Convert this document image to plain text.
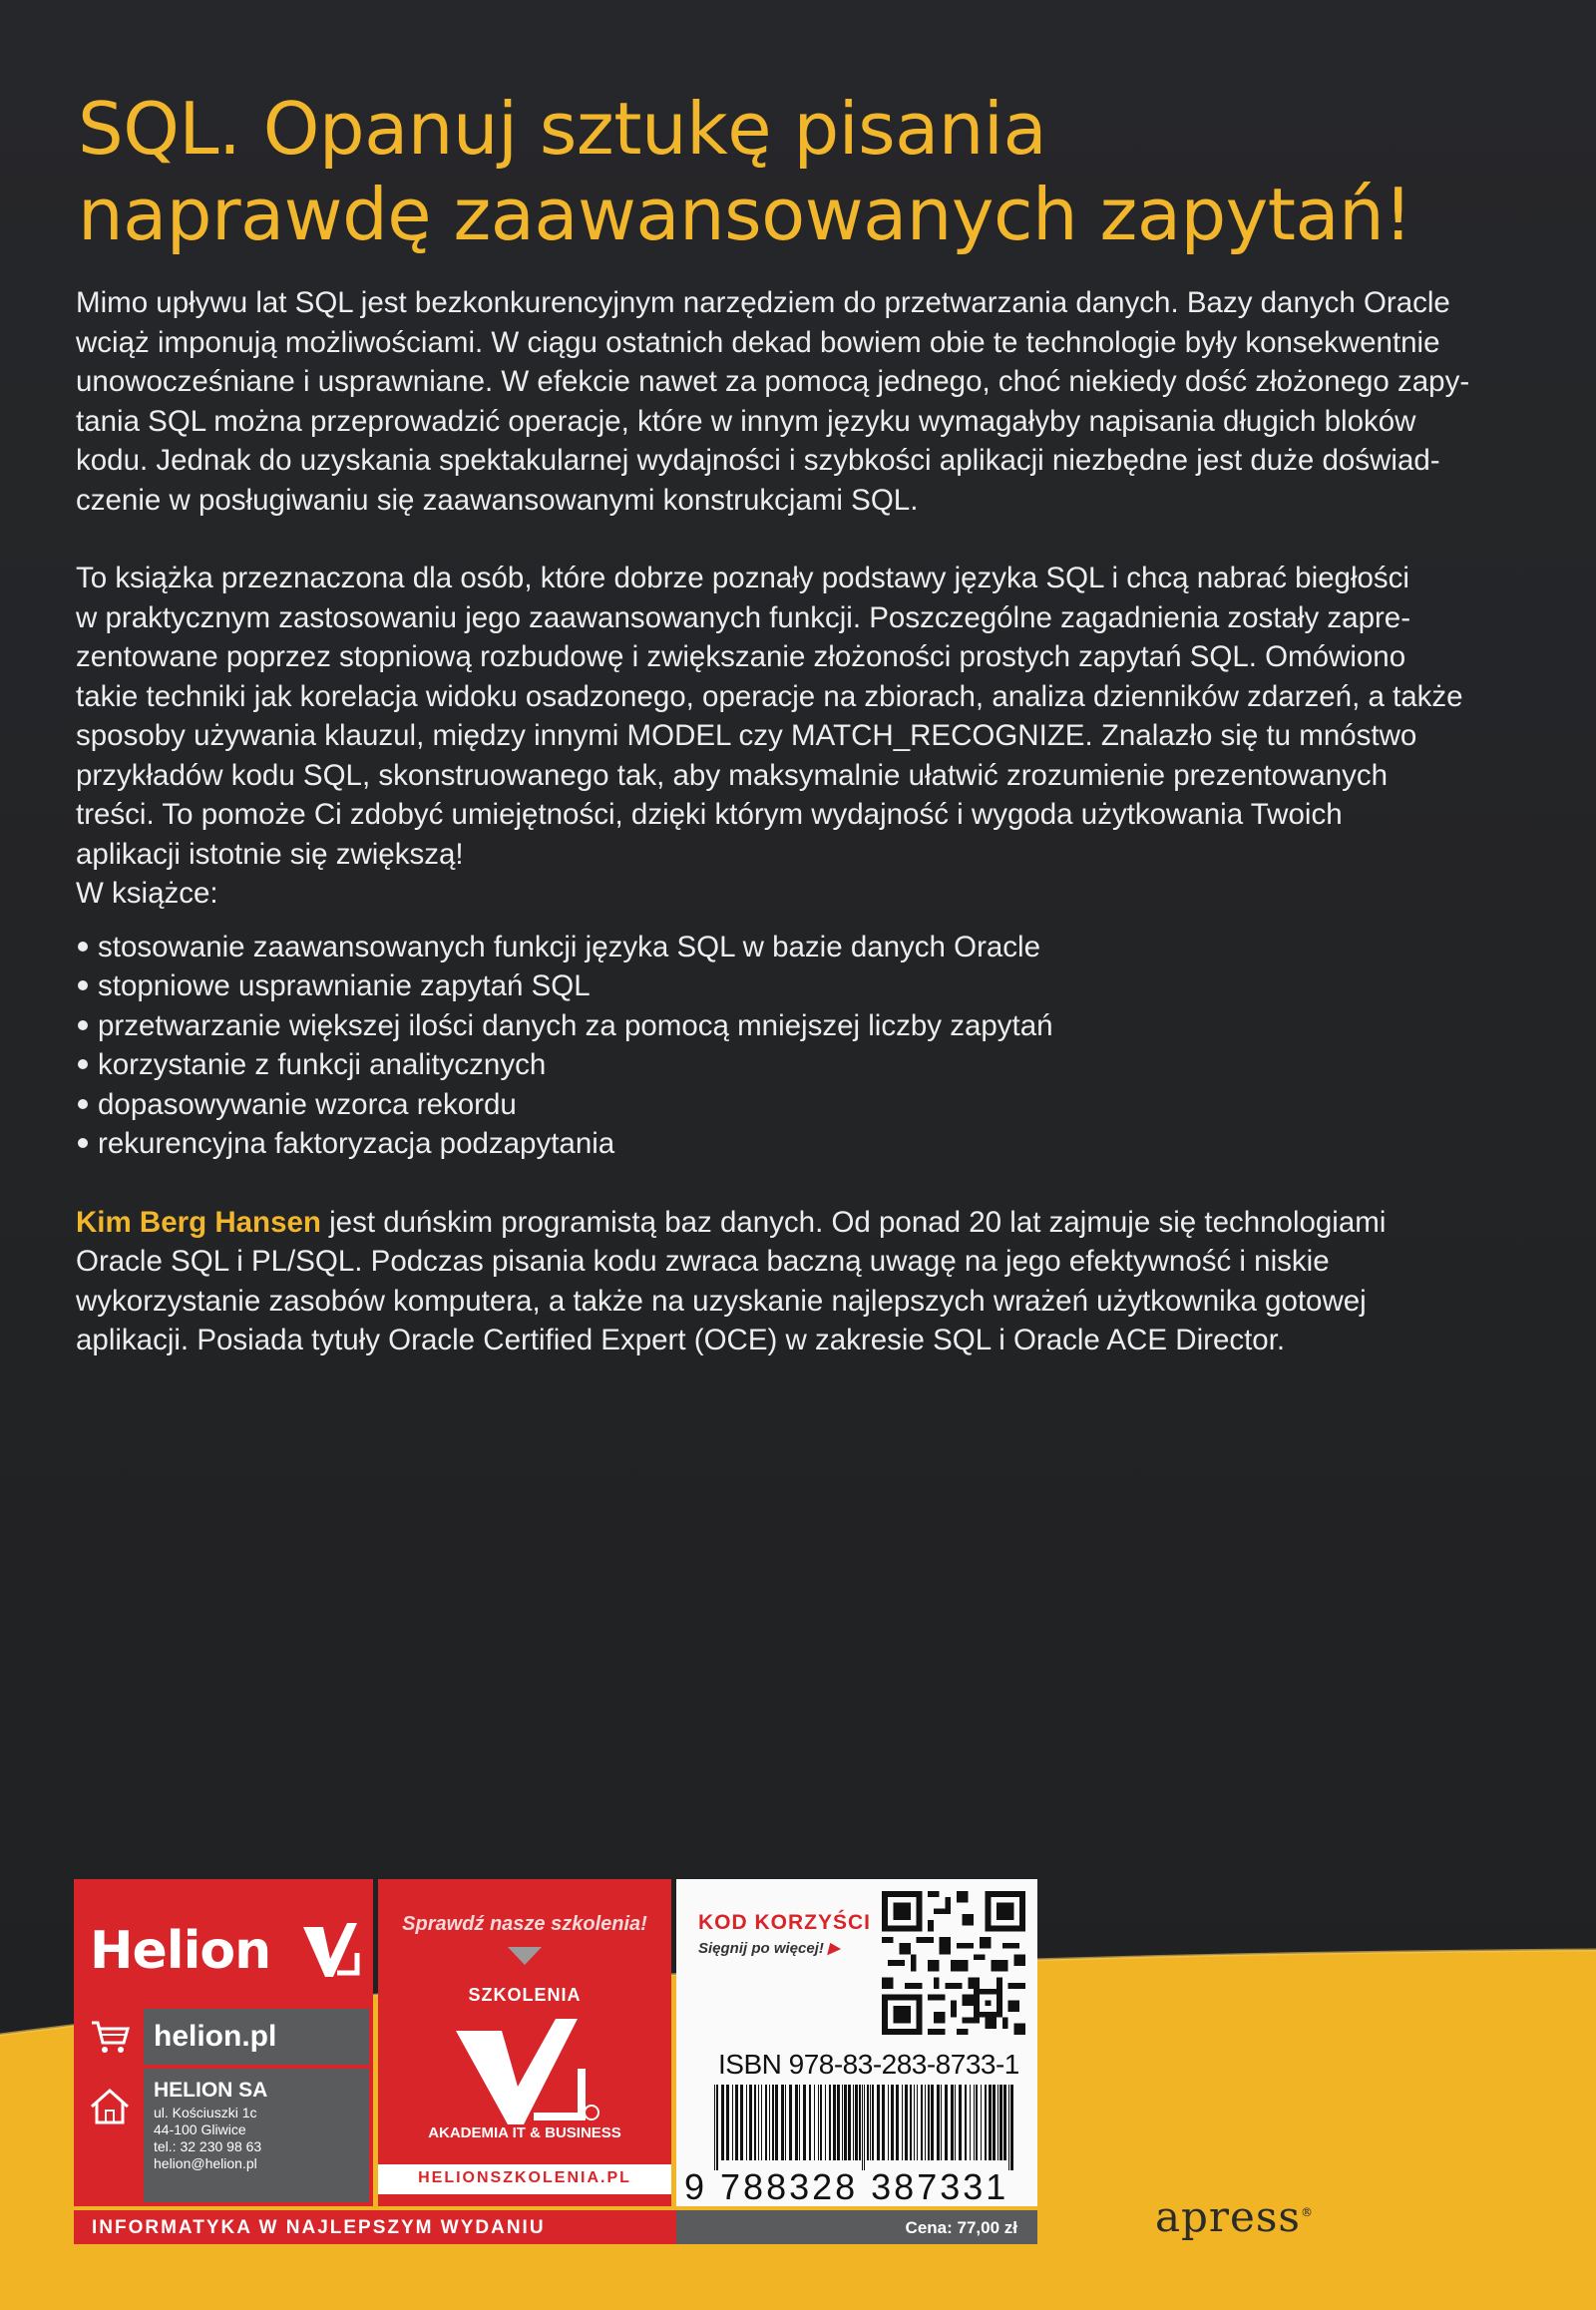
SQL. Opanuj sztukę pisania
naprawdę zaawansowanych zapytań!

Mimo upływu lat SQL jest bezkonkurencyjnym narzędziem do przetwarzania danych. Bazy danych Oracle

wciąż imponują możliwościami. W ciągu ostatnich dekad bowiem obie te technologie były konsekwentnie

unowocześniane i usprawniane. W efekcie nawet za pomocą jednego, choć niekiedy dość złożonego zapy-

tania SQL można przeprowadzić operacje, które w innym języku wymagałyby napisania długich bloków

kodu. Jednak do uzyskania spektakularnej wydajności i szybkości aplikacji niezbędne jest duże doświad-

czenie w posługiwaniu się zaawansowanymi konstrukcjami SQL.

To książka przeznaczona dla osób, które dobrze poznały podstawy języka SQL i chcą nabrać biegłości

w praktycznym zastosowaniu jego zaawansowanych funkcji. Poszczególne zagadnienia zostały zapre-

zentowane poprzez stopniową rozbudowę i zwiększanie złożoności prostych zapytań SQL. Omówiono

takie techniki jak korelacja widoku osadzonego, operacje na zbiorach, analiza dzienników zdarzeń, a także

sposoby używania klauzul, między innymi MODEL czy MATCH_RECOGNIZE. Znalazło się tu mnóstwo

przykładów kodu SQL, skonstruowanego tak, aby maksymalnie ułatwić zrozumienie prezentowanych

treści. To pomoże Ci zdobyć umiejętności, dzięki którym wydajność i wygoda użytkowania Twoich

aplikacji istotnie się zwiększą!

W książce:

stosowanie zaawansowanych funkcji języka SQL w bazie danych Oracle
stopniowe usprawnianie zapytań SQL
przetwarzanie większej ilości danych za pomocą mniejszej liczby zapytań
korzystanie z funkcji analitycznych
dopasowywanie wzorca rekordu
rekurencyjna faktoryzacja podzapytania

Kim Berg Hansen jest duńskim programistą baz danych. Od ponad 20 lat zajmuje się technologiami

Oracle SQL i PL/SQL. Podczas pisania kodu zwraca baczną uwagę na jego efektywność i niskie

wykorzystanie zasobów komputera, a także na uzyskanie najlepszych wrażeń użytkownika gotowej

aplikacji. Posiada tytuły Oracle Certified Expert (OCE) w zakresie SQL i Oracle ACE Director.

Helion
helion.pl
HELION SA
ul. Kościuszki 1c
44-100 Gliwice
tel.: 32 230 98 63
helion@helion.pl
Sprawdź nasze szkolenia!
SZKOLENIA
AKADEMIA IT & BUSINESS
HELIONSZKOLENIA.PL
KOD KORZYŚCI
Sięgnij po więcej! ▶
ISBN 978-83-283-8733-1
9 788328 387331
INFORMATYKA W NAJLEPSZYM WYDANIU	Cena: 77,00 zł	apress®
